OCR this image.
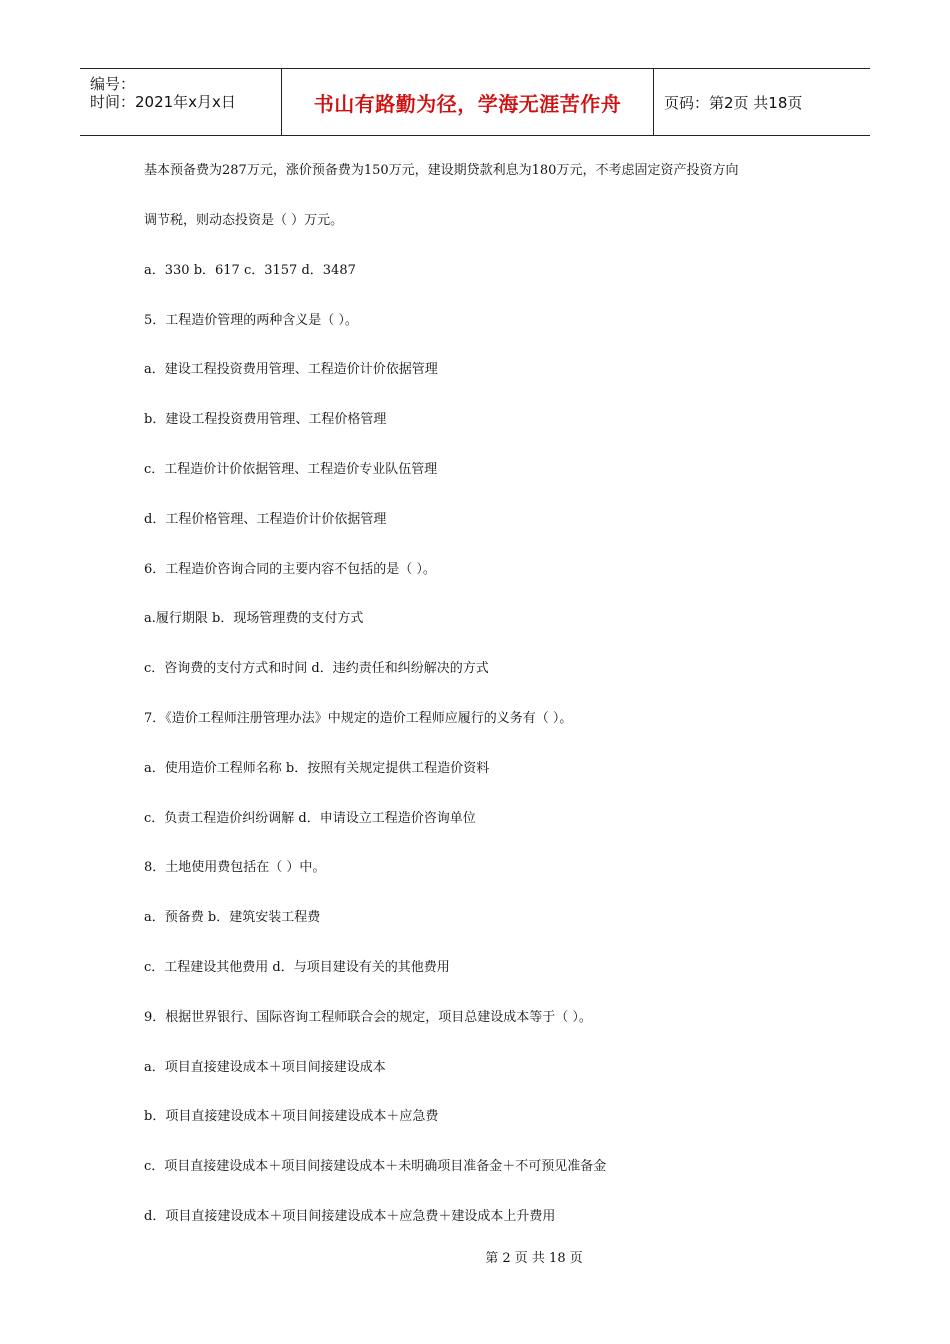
编号：
时间：2021年x月x日	书山有路勤为径，学海无涯苦作舟	页码：第2页 共18页
基本预备费为287万元，涨价预备费为150万元，建设期贷款利息为180万元，不考虑固定资产投资方向
调节税，则动态投资是（ ）万元。
a．330 b．617 c．3157 d．3487
5．工程造价管理的两种含义是（ ）。
a．建设工程投资费用管理、工程造价计价依据管理
b．建设工程投资费用管理、工程价格管理
c．工程造价计价依据管理、工程造价专业队伍管理
d．工程价格管理、工程造价计价依据管理
6．工程造价咨询合同的主要内容不包括的是（ ）。
a.履行期限 b．现场管理费的支付方式
c．咨询费的支付方式和时间 d．违约责任和纠纷解决的方式
7．《造价工程师注册管理办法》中规定的造价工程师应履行的义务有（ ）。
a．使用造价工程师名称 b．按照有关规定提供工程造价资料
c．负责工程造价纠纷调解 d．申请设立工程造价咨询单位
8．土地使用费包括在（ ）中。
a．预备费 b．建筑安装工程费
c．工程建设其他费用 d．与项目建设有关的其他费用
9．根据世界银行、国际咨询工程师联合会的规定，项目总建设成本等于（ ）。
a．项目直接建设成本＋项目间接建设成本
b．项目直接建设成本＋项目间接建设成本＋应急费
c．项目直接建设成本＋项目间接建设成本＋未明确项目准备金＋不可预见准备金
d．项目直接建设成本＋项目间接建设成本＋应急费＋建设成本上升费用
第 2 页 共 18 页
